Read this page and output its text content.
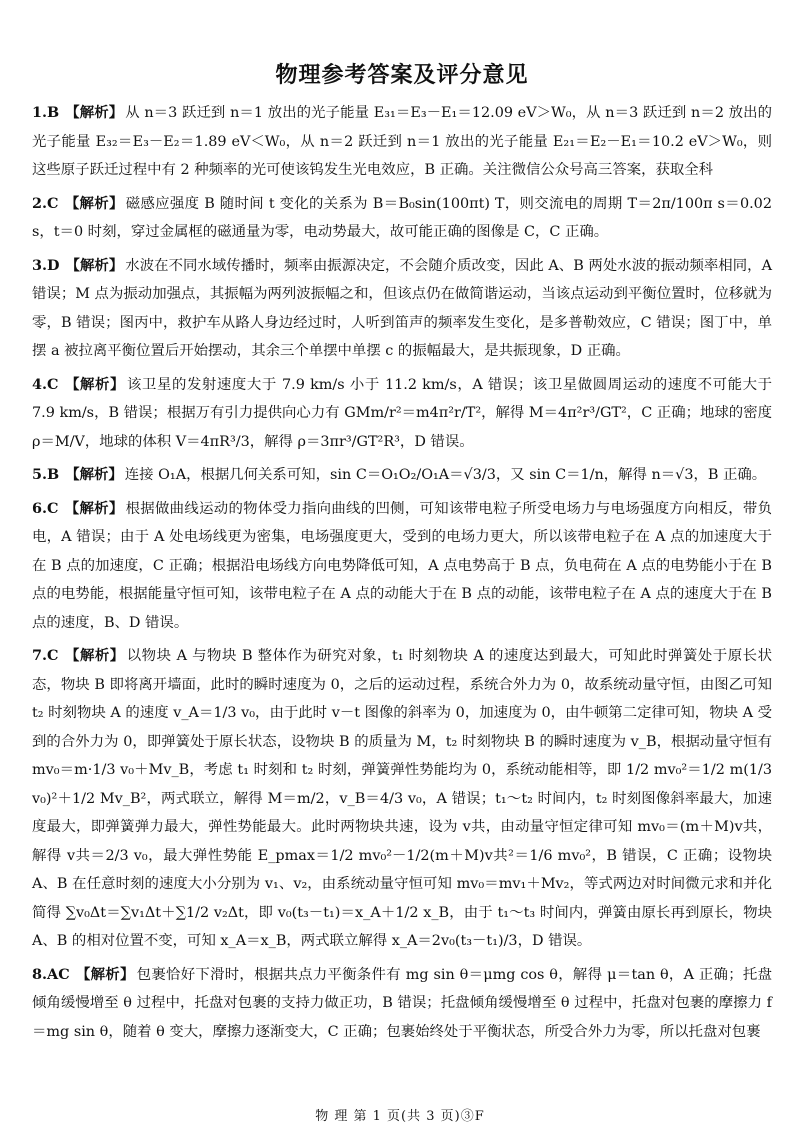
物理参考答案及评分意见

1.B 【解析】 从 n＝3 跃迁到 n＝1 放出的光子能量 E₃₁＝E₃－E₁＝12.09 eV＞W₀，从 n＝3 跃迁到 n＝2 放出的光子能量 E₃₂＝E₃－E₂＝1.89 eV＜W₀，从 n＝2 跃迁到 n＝1 放出的光子能量 E₂₁＝E₂－E₁＝10.2 eV＞W₀，则这些原子跃迁过程中有 2 种频率的光可使该钨发生光电效应，B 正确。关注微信公众号高三答案，获取全科

2.C 【解析】 磁感应强度 B 随时间 t 变化的关系为 B＝B₀sin(100πt) T，则交流电的周期 T＝2π/100π s＝0.02 s，t＝0 时刻，穿过金属框的磁通量为零，电动势最大，故可能正确的图像是 C，C 正确。

3.D 【解析】 水波在不同水域传播时，频率由振源决定，不会随介质改变，因此 A、B 两处水波的振动频率相同，A 错误；M 点为振动加强点，其振幅为两列波振幅之和，但该点仍在做简谐运动，当该点运动到平衡位置时，位移就为零，B 错误；图丙中，救护车从路人身边经过时，人听到笛声的频率发生变化，是多普勒效应，C 错误；图丁中，单摆 a 被拉离平衡位置后开始摆动，其余三个单摆中单摆 c 的振幅最大，是共振现象，D 正确。

4.C 【解析】 该卫星的发射速度大于 7.9 km/s 小于 11.2 km/s，A 错误；该卫星做圆周运动的速度不可能大于 7.9 km/s，B 错误；根据万有引力提供向心力有 GMm/r²＝m4π²r/T²，解得 M＝4π²r³/GT²，C 正确；地球的密度 ρ＝M/V，地球的体积 V＝4πR³/3，解得 ρ＝3πr³/GT²R³，D 错误。

5.B 【解析】 连接 O₁A，根据几何关系可知，sin C＝O₁O₂/O₁A＝√3/3，又 sin C＝1/n，解得 n＝√3，B 正确。

6.C 【解析】 根据做曲线运动的物体受力指向曲线的凹侧，可知该带电粒子所受电场力与电场强度方向相反，带负电，A 错误；由于 A 处电场线更为密集，电场强度更大，受到的电场力更大，所以该带电粒子在 A 点的加速度大于在 B 点的加速度，C 正确；根据沿电场线方向电势降低可知，A 点电势高于 B 点，负电荷在 A 点的电势能小于在 B 点的电势能，根据能量守恒可知，该带电粒子在 A 点的动能大于在 B 点的动能，该带电粒子在 A 点的速度大于在 B 点的速度，B、D 错误。

7.C 【解析】 以物块 A 与物块 B 整体作为研究对象，t₁ 时刻物块 A 的速度达到最大，可知此时弹簧处于原长状态，物块 B 即将离开墙面，此时的瞬时速度为 0，之后的运动过程，系统合外力为 0，故系统动量守恒，由图乙可知 t₂ 时刻物块 A 的速度 v_A＝1/3 v₀，由于此时 v－t 图像的斜率为 0，加速度为 0，由牛顿第二定律可知，物块 A 受到的合外力为 0，即弹簧处于原长状态，设物块 B 的质量为 M，t₂ 时刻物块 B 的瞬时速度为 v_B，根据动量守恒有 mv₀＝m·1/3 v₀＋Mv_B，考虑 t₁ 时刻和 t₂ 时刻，弹簧弹性势能均为 0，系统动能相等，即 1/2 mv₀²＝1/2 m(1/3 v₀)²＋1/2 Mv_B²，两式联立，解得 M＝m/2，v_B＝4/3 v₀，A 错误；t₁～t₂ 时间内，t₂ 时刻图像斜率最大，加速度最大，即弹簧弹力最大，弹性势能最大。此时两物块共速，设为 v共，由动量守恒定律可知 mv₀＝(m＋M)v共，解得 v共＝2/3 v₀，最大弹性势能 E_pmax＝1/2 mv₀²－1/2(m＋M)v共²＝1/6 mv₀²，B 错误，C 正确；设物块 A、B 在任意时刻的速度大小分别为 v₁、v₂，由系统动量守恒可知 mv₀＝mv₁＋Mv₂，等式两边对时间微元求和并化简得 ∑v₀Δt＝∑v₁Δt＋∑1/2 v₂Δt，即 v₀(t₃－t₁)＝x_A＋1/2 x_B，由于 t₁～t₃ 时间内，弹簧由原长再到原长，物块 A、B 的相对位置不变，可知 x_A＝x_B，两式联立解得 x_A＝2v₀(t₃－t₁)/3，D 错误。

8.AC 【解析】 包裹恰好下滑时，根据共点力平衡条件有 mg sin θ＝μmg cos θ，解得 μ＝tan θ，A 正确；托盘倾角缓慢增至 θ 过程中，托盘对包裹的支持力做正功，B 错误；托盘倾角缓慢增至 θ 过程中，托盘对包裹的摩擦力 f＝mg sin θ，随着 θ 变大，摩擦力逐渐变大，C 正确；包裹始终处于平衡状态，所受合外力为零，所以托盘对包裹

物 理 第 1 页(共 3 页)③F
